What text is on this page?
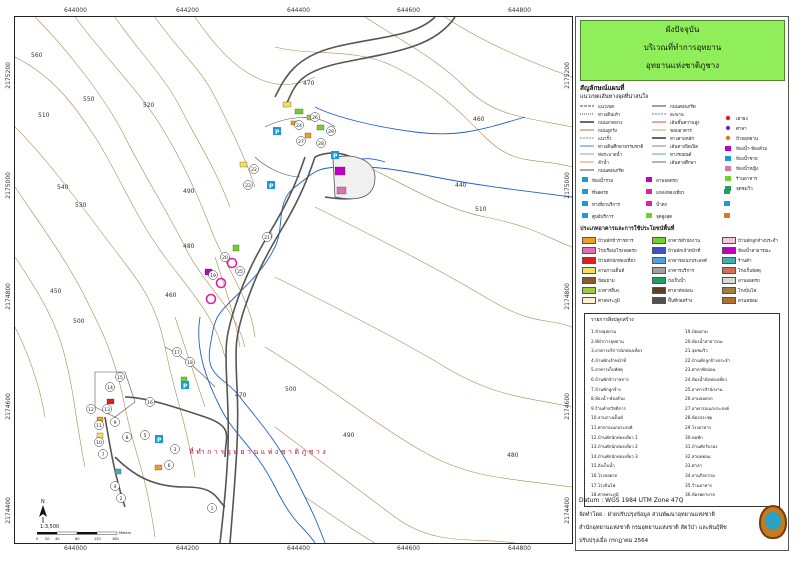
560
550
540
530
520
510
500
490
480
470
460
450
440
510
500
490
480
470
460
P
P
P
P
P
1
2
3
4
5
6
7
8
9
10
11
12 13
14
15
16
17
18
19
20
21
22
23
24
25
26
27	28
29
N
1:3,500
0 20 40	80	120	160
Meters
ที่ทำการอุทยานแห่งชาติภูชาง
644000	644200	644400	644600	644800
644000	644200	644400	644600	644800
2175200
2175000
2174800
2174600
2174400
2175200
2175000
2174800
2174600
2174400
ผังปัจจุบัน
บริเวณที่ทำการอุทยาน
อุทยานแห่งชาติภูชาง
สัญลักษณ์แผนที่
แนวเขตเส้นทางจุดที่น่าสนใจ
แนวเขต
ทางเดินเท้า
ถนนลาดยาง
ถนนลูกรัง
แนวรั้ว
ทางเดินศึกษาธรรมชาติ
ท่อระบายน้ำ
ลำน้ำ
ถนนคอนกรีต
สะพาน
เส้นชั้นความสูง
ขอบอาคาร
ทางสายหลัก
เส้นทางปิดเปิด
ทางรถยนต์
เส้นทางศึกษา
ถนนคอนกรีต
เสาธง
ศาลา
ป้ายอุทยาน
ห้องน้ำ-ห้องส้วม
ห้องน้ำชาย
ห้องน้ำหญิง
ร้านอาหาร
จุดชมวิว
ห้องน้ำรวม
ที่จอดรถ
ท่าเที่ยวบริการ
ศูนย์บริการ
ลานจอดรถ
แหล่งท่องเที่ยว
น้ำตก
จุดสูงสุด
ประเภทอาคารและการใช้ประโยชน์พื้นที่
บ้านพักข้าราชการ	อาคารสำนักงาน	บ้านพักลูกจ้างประจำ
โรงเรือน/โรงจอดรถ	บ้านพักเจ้าหน้าที่	ห้องน้ำสาธารณะ
บ้านพักนักท่องเที่ยว	อาคารอเนกประสงค์	ร้านค้า
ลานกางเต็นท์	อาคารบริการ	โรงเก็บพัสดุ
ป้อมยาม	ถังเก็บน้ำ	ลานจอดรถ
อาคารอื่นๆ	ศาลาพักผ่อน	โรงปั่นไฟ
ศาลพระภูมิ	พื้นที่ก่อสร้าง	สวนหย่อม
รายการสิ่งปลูกสร้าง
1.ป้ายอุทยาน
2.ที่ทำการอุทยาน
3.อาคารบริการนักท่องเที่ยว
4.บ้านพักเจ้าหน้าที่
5.อาคารเก็บพัสดุ
6.บ้านพักข้าราชการ
7.บ้านพักลูกจ้าง
8.ห้องน้ำ-ห้องส้วม
9.ร้านค้าสวัสดิการ
10.ลานกางเต็นท์
11.ศาลาอเนกประสงค์
12.บ้านพักนักท่องเที่ยว 1
13.บ้านพักนักท่องเที่ยว 2
14.บ้านพักนักท่องเที่ยว 3
15.ถังเก็บน้ำ
16.โรงจอดรถ
17.โรงปั่นไฟ
18.ศาลพระภูมิ
19.ป้อมยาม
20.ห้องน้ำสาธารณะ
21.จุดชมวิว
22.บ้านพักลูกจ้างประจำ
23.ศาลาพักผ่อน
24.ห้องน้ำนักท่องเที่ยว
25.อาคารสำนักงาน
26.ลานจอดรถ
27.อาคารอเนกประสงค์
28.ห้องประชุม
29.โรงอาหาร
30.หอพัก
31.บ้านพักรับรอง
32.สวนหย่อม
33.ศาลา
34.ลานกิจกรรม
35.ร้านอาหาร
36.ห้องพยาบาล
Datum : WGS 1984 UTM Zone 47Q
จัดทำโดย : ฝ่ายปรับปรุงข้อมูล ส่วนพัฒนาอุทยานแห่งชาติ
สำนักอุทยานแห่งชาติ กรมอุทยานแห่งชาติ สัตว์ป่า และพันธุ์พืช
ปรับปรุงเมื่อ กรกฎาคม 2564
